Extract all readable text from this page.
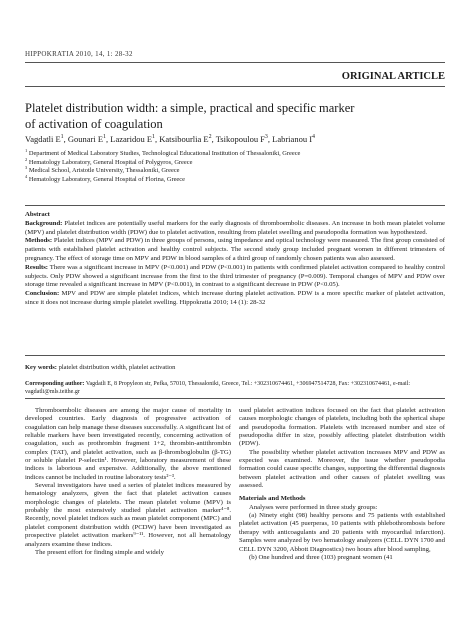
HIPPOKRATIA 2010, 14, 1: 28-32
ORIGINAL ARTICLE
Platelet distribution width: a simple, practical and specific marker
of activation of coagulation
Vagdatli $E^1$, Gounari $E^1$, Lazaridou $E^1$, Katsibourlia $E^2$, Tsikopoulou $F^3$, Labrianou $I^4$
$^1$ Department of Medical Laboratory Studies, Technological Educational Institution of Thessaloniki, Greece
$^2$ Hematology Laboratory, General Hospital of Polygyros, Greece
$^3$ Medical School, Aristotle University, Thessaloniki, Greece
$^4$ Hematology Laboratory, General Hospital of Florina, Greece

Abstract

Background: Platelet indices are potentially useful markers for the early diagnosis of thromboembolic diseases. An increase in both mean platelet volume (MPV) and platelet distribution width (PDW) due to platelet activation, resulting from platelet swelling and pseudopodia formation was hypothesized.

Methods: Platelet indices (MPV and PDW) in three groups of persons, using impedance and optical technology were measured. The first group consisted of patients with established platelet activation and healthy control subjects. The second study group included pregnant women in different trimesters of pregnancy. The effect of storage time on MPV and PDW in blood samples of a third group of randomly chosen patients was also assessed.

Results: There was a significant increase in MPV (P<0.001) and PDW (P<0.001) in patients with confirmed platelet activation compared to healthy control subjects. Only PDW showed a significant increase from the first to the third trimester of pregnancy (P=0.009). Temporal changes of MPV and PDW over storage time revealed a significant increase in MPV (P<0.001), in contrast to a significant decrease in PDW (P<0.05).

Conclusion: MPV and PDW are simple platelet indices, which increase during platelet activation. PDW is a more specific marker of platelet activation, since it does not increase during simple platelet swelling. Hippokratia 2010; 14 (1): 28-32

Key words: platelet distribution width, platelet activation
Corresponding author: Vagdatli E, 8 Propyleon str, Pefka, 57010, Thessaloniki, Greece, Tel.: +302310674461, +306947514728, Fax: +302310674461, e-mail: vagdatli@mls.teithe.gr

Thromboembolic diseases are among the major cause of mortality in developed countries. Early diagnosis of progressive activation of coagulation can help manage these diseases successfully. A significant list of reliable markers have been investigated recently, concerning activation of coagulation, such as prothrombin fragment 1+2, thrombin-antithrombin complex (TAT), and platelet activation, such as β-thromboglobulin (β-TG) or soluble platelet P-selectin¹. However, laboratory measurement of these indices is laborious and expensive. Additionally, the above mentioned indices cannot be included in routine laboratory tests²⁻³.

Several investigators have used a series of platelet indices measured by hematology analyzers, given the fact that platelet activation causes morphologic changes of platelets. The mean platelet volume (MPV) is probably the most extensively studied platelet activation marker⁴⁻⁸. Recently, novel platelet indices such as mean platelet component (MPC) and platelet component distribution width (PCDW) have been investigated as prospective platelet activation markers⁹⁻¹¹. However, not all hematology analyzers examine these indices.

The present effort for finding simple and widely

used platelet activation indices focused on the fact that platelet activation causes morphologic changes of platelets, including both the spherical shape and pseudopodia formation. Platelets with increased number and size of pseudopodia differ in size, possibly affecting platelet distribution width (PDW).

The possibility whether platelet activation increases MPV and PDW as expected was examined. Moreover, the issue whether pseudopodia formation could cause specific changes, supporting the differential diagnosis between platelet activation and other causes of platelet swelling was assessed.

Materials and Methods

Analyses were performed in three study groups:

(a) Ninety eight (98) healthy persons and 75 patients with established platelet activation (45 puerperas, 10 patients with phlebothrombosis before therapy with anticoagulants and 20 patients with myocardial infarction). Samples were analyzed by two hematology analyzers (CELL DYN 1700 and CELL DYN 3200, Abbott Diagnostics) two hours after blood sampling,

(b) One hundred and three (103) pregnant women (41
